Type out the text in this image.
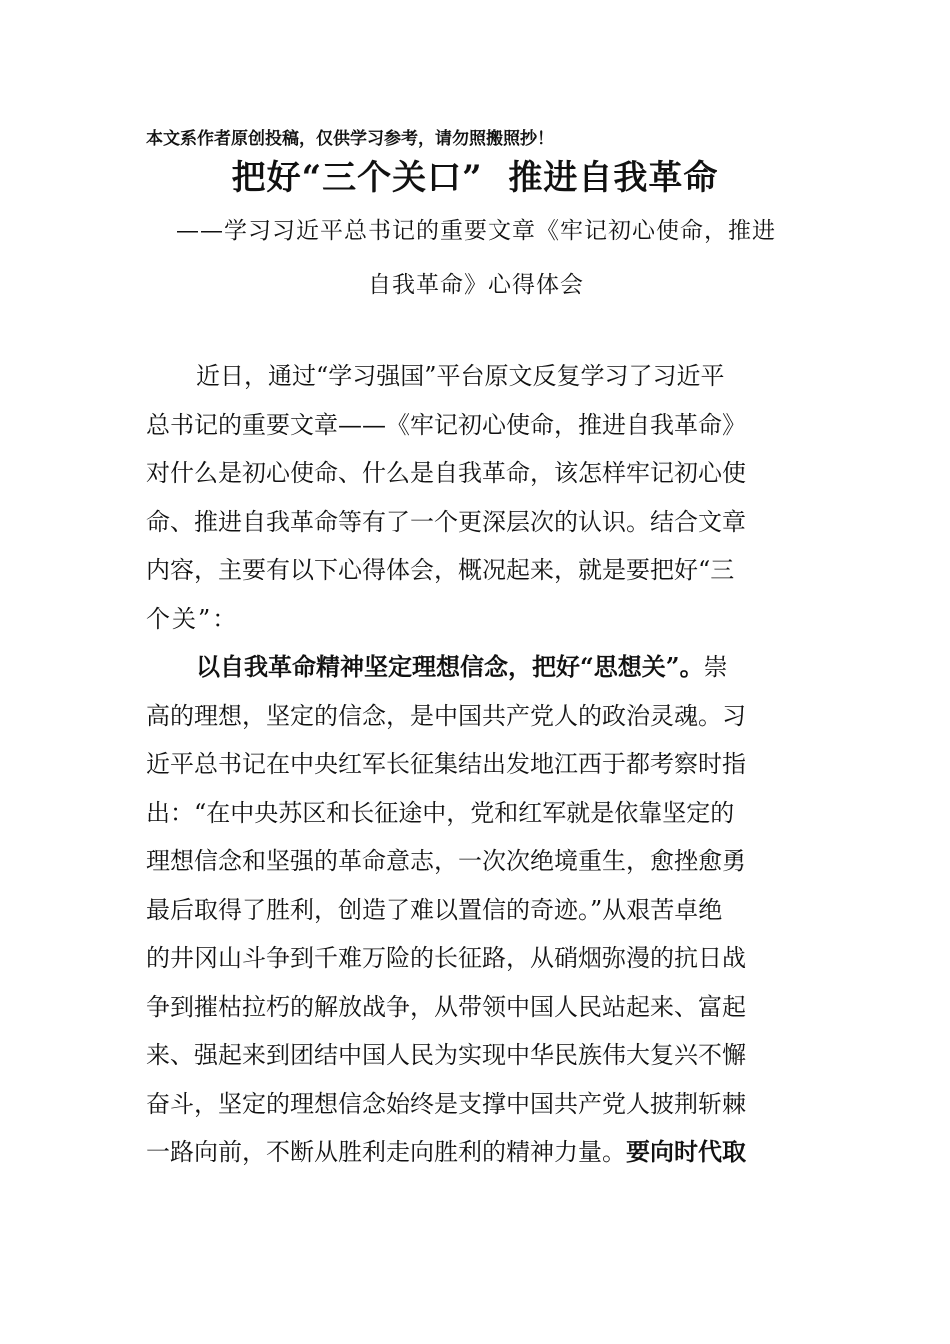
本文系作者原创投稿，仅供学习参考，请勿照搬照抄！
把好“三个关口”  推进自我革命
——学习习近平总书记的重要文章《牢记初心使命，推进
自我革命》心得体会
近日，通过“学习强国”平台原文反复学习了习近平
总书记的重要文章——《牢记初心使命，推进自我革命》
对什么是初心使命、什么是自我革命，该怎样牢记初心使
命、推进自我革命等有了一个更深层次的认识。结合文章
内容，主要有以下心得体会，概况起来，就是要把好“三
个关”：
以自我革命精神坚定理想信念，把好“思想关”。崇
高的理想，坚定的信念，是中国共产党人的政治灵魂。习
近平总书记在中央红军长征集结出发地江西于都考察时指
出：“在中央苏区和长征途中，党和红军就是依靠坚定的
理想信念和坚强的革命意志，一次次绝境重生，愈挫愈勇
最后取得了胜利，创造了难以置信的奇迹。”从艰苦卓绝
的井冈山斗争到千难万险的长征路，从硝烟弥漫的抗日战
争到摧枯拉朽的解放战争，从带领中国人民站起来、富起
来、强起来到团结中国人民为实现中华民族伟大复兴不懈
奋斗，坚定的理想信念始终是支撑中国共产党人披荆斩棘
一路向前，不断从胜利走向胜利的精神力量。要向时代取
